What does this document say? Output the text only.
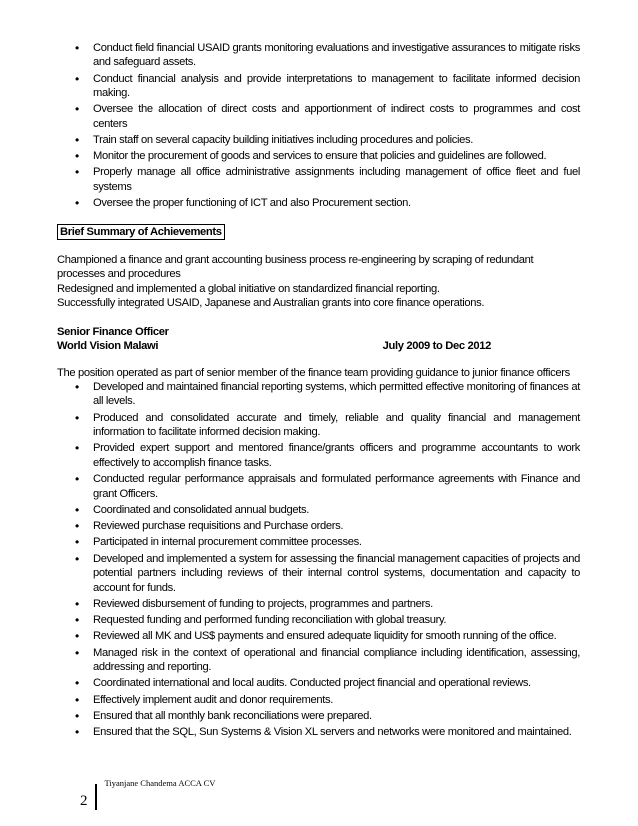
• Conduct field financial USAID grants monitoring evaluations and investigative assurances to mitigate risks and safeguard assets.
• Conduct financial analysis and provide interpretations to management to facilitate informed decision making.
• Oversee the allocation of direct costs and apportionment of indirect costs to programmes and cost centers
• Train staff on several capacity building initiatives including procedures and policies.
• Monitor the procurement of goods and services to ensure that policies and guidelines are followed.
• Properly manage all office administrative assignments including management of office fleet and fuel systems
• Oversee the proper functioning of ICT and also Procurement section.
Brief Summary of Achievements

Championed a finance and grant accounting business process re-engineering by scraping of redundant processes and procedures

Redesigned and implemented a global initiative on standardized financial reporting.

Successfully integrated USAID, Japanese and Australian grants into core finance operations.

Senior Finance Officer
World Vision Malawi	July 2009 to Dec 2012
The position operated as part of senior member of the finance team providing guidance to junior finance officers
• Developed and maintained financial reporting systems, which permitted effective monitoring of finances at all levels.
• Produced and consolidated accurate and timely, reliable and quality financial and management information to facilitate informed decision making.
• Provided expert support and mentored finance/grants officers and programme accountants to work effectively to accomplish finance tasks.
• Conducted regular performance appraisals and formulated performance agreements with Finance and grant Officers.
• Coordinated and consolidated annual budgets.
• Reviewed purchase requisitions and Purchase orders.
• Participated in internal procurement committee processes.
• Developed and implemented a system for assessing the financial management capacities of projects and potential partners including reviews of their internal control systems, documentation and capacity to account for funds.
• Reviewed disbursement of funding to projects, programmes and partners.
• Requested funding and performed funding reconciliation with global treasury.
• Reviewed all MK and US$ payments and ensured adequate liquidity for smooth running of the office.
• Managed risk in the context of operational and financial compliance including identification, assessing, addressing and reporting.
• Coordinated international and local audits. Conducted project financial and operational reviews.
• Effectively implement audit and donor requirements.
• Ensured that all monthly bank reconciliations were prepared.
• Ensured that the SQL, Sun Systems & Vision XL servers and networks were monitored and maintained.
2
Tiyanjane Chandema ACCA CV
